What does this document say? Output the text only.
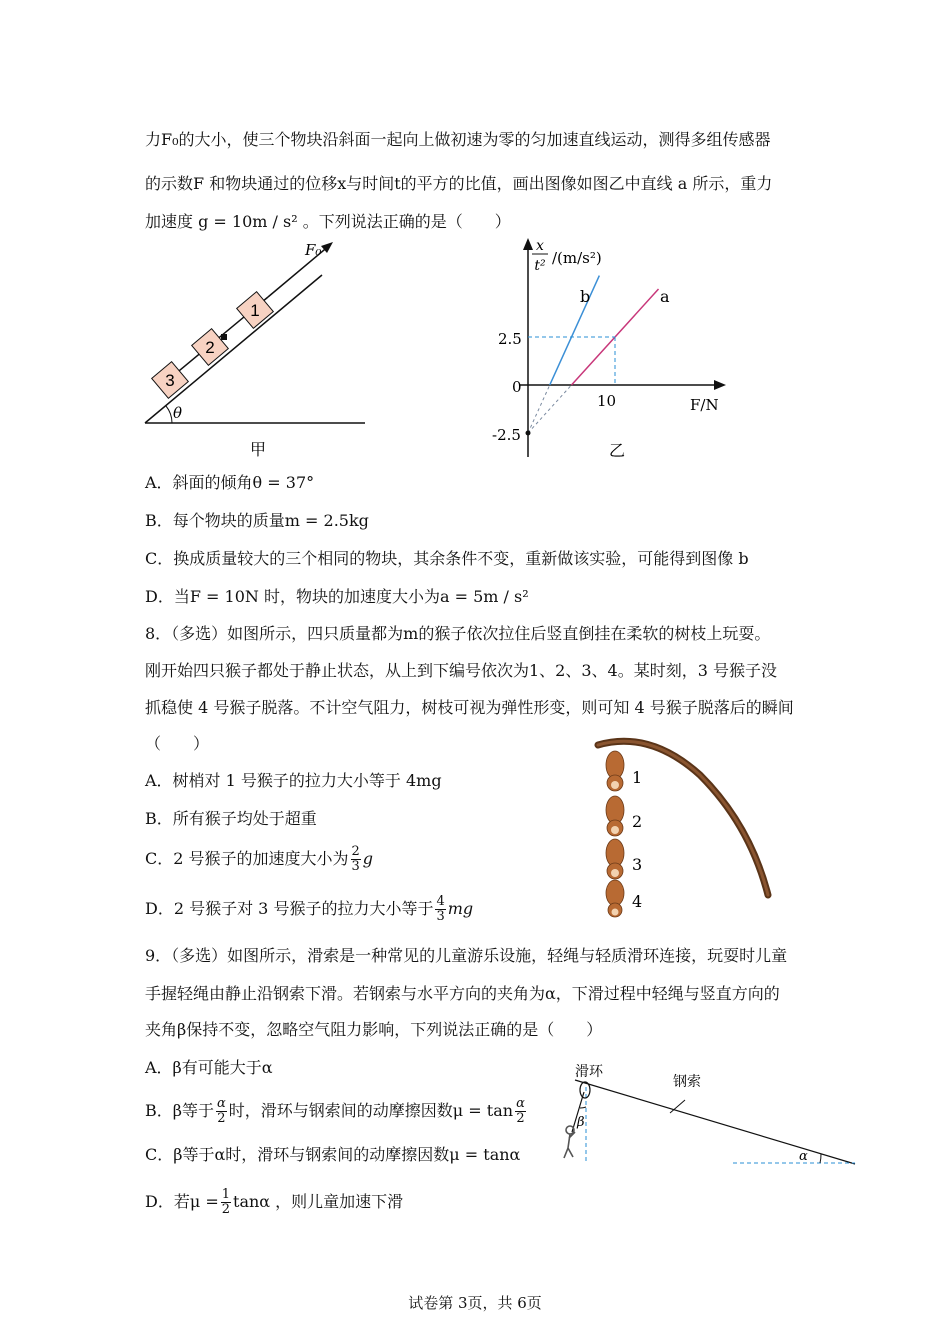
力F₀的大小，使三个物块沿斜面一起向上做初速为零的匀加速直线运动，测得多组传感器
的示数F 和物块通过的位移x与时间t的平方的比值，画出图像如图乙中直线 a 所示，重力
加速度 g = 10m / s² 。下列说法正确的是（　　）
3
2
1
F₀
θ
甲
x
t² /(m/s²)
F/N
2.5
0
10
-2.5
b	a
乙
A．斜面的倾角θ = 37°
B．每个物块的质量m = 2.5kg
C．换成质量较大的三个相同的物块，其余条件不变，重新做该实验，可能得到图像 b
D．当F = 10N 时，物块的加速度大小为a = 5m / s²
8．（多选）如图所示，四只质量都为m的猴子依次拉住后竖直倒挂在柔软的树枝上玩耍。
刚开始四只猴子都处于静止状态，从上到下编号依次为1、2、3、4。某时刻，3 号猴子没
抓稳使 4 号猴子脱落。不计空气阻力，树枝可视为弹性形变，则可知 4 号猴子脱落后的瞬间
（　　）
A．树梢对 1 号猴子的拉力大小等于 4mg
B．所有猴子均处于超重
C．2 号猴子的加速度大小为 $\frac{2}{3}$ g
D．2 号猴子对 3 号猴子的拉力大小等于 $\frac{4}{3}$ mg
1
2
3
4
9．（多选）如图所示，滑索是一种常见的儿童游乐设施，轻绳与轻质滑环连接，玩耍时儿童
手握轻绳由静止沿钢索下滑。若钢索与水平方向的夹角为α，下滑过程中轻绳与竖直方向的
夹角β保持不变，忽略空气阻力影响，下列说法正确的是（　　）
A．β有可能大于α
B．β等于 $\frac{\alpha}{2}$ 时，滑环与钢索间的动摩擦因数$\mu = \tan \frac{\alpha}{2}$
C．β等于α时，滑环与钢索间的动摩擦因数μ = tanα
D．若$\mu = \frac{1}{2}$ tanα ，则儿童加速下滑
滑环
钢索
β
α
试卷第 3页，共 6页
